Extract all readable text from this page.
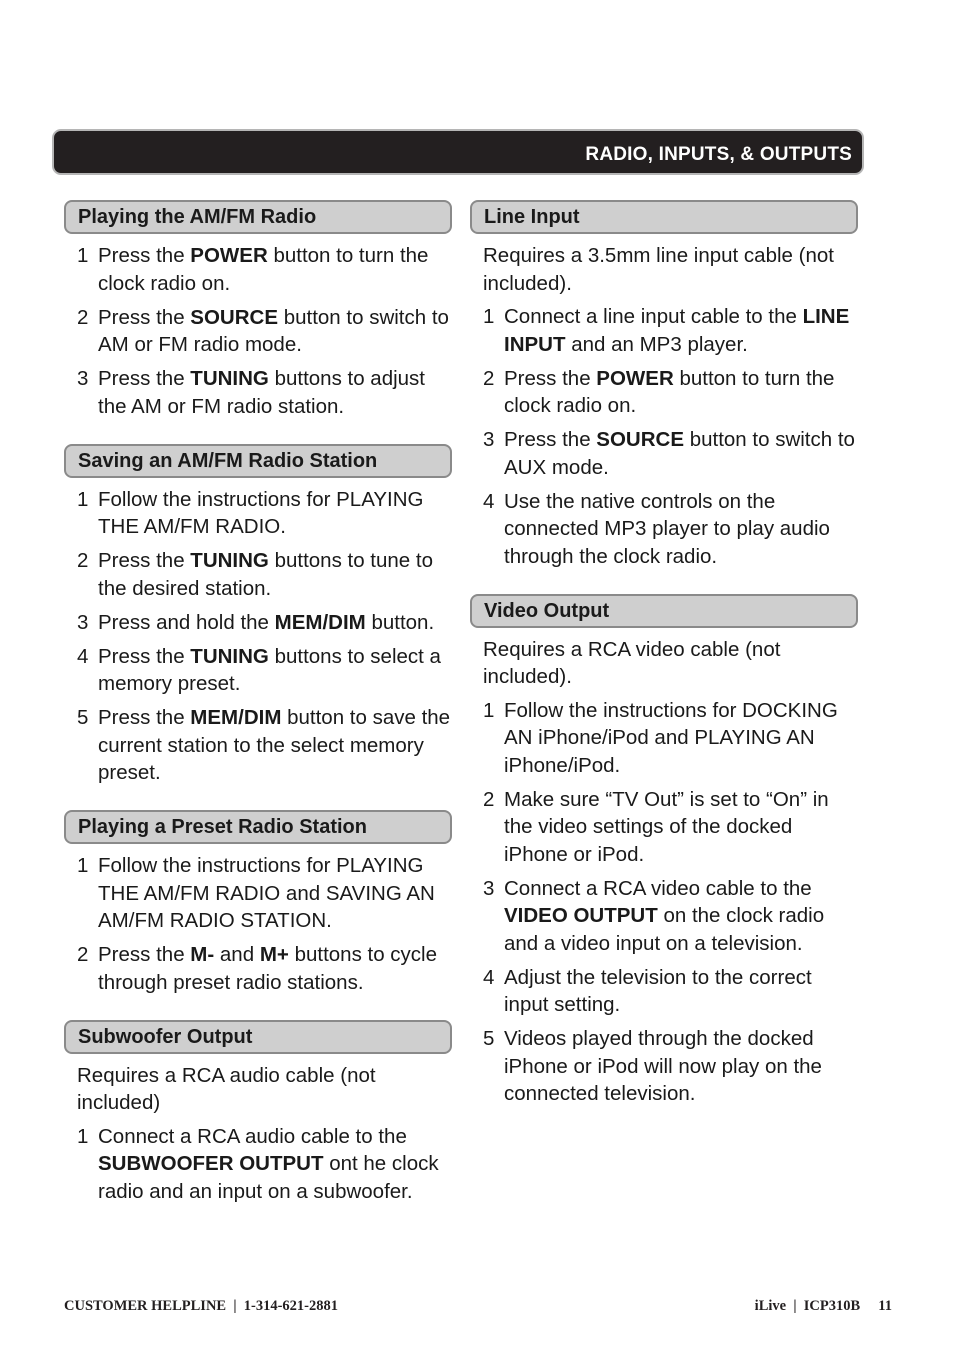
RADIO, INPUTS, & OUTPUTS
Playing the AM/FM Radio
1 Press the POWER button to turn the clock radio on.
2 Press the SOURCE button to switch to AM or FM radio mode.
3 Press the TUNING buttons to adjust the AM or FM radio station.
Saving an AM/FM Radio Station
1 Follow the instructions for PLAYING THE AM/FM RADIO.
2 Press the TUNING buttons to tune to the desired station.
3 Press and hold the MEM/DIM button.
4 Press the TUNING buttons to select a memory preset.
5 Press the MEM/DIM button to save the current station to the select memory preset.
Playing a Preset Radio Station
1 Follow the instructions for PLAYING THE AM/FM RADIO and SAVING AN AM/FM RADIO STATION.
2 Press the M- and M+ buttons to cycle through preset radio stations.
Subwoofer Output

Requires a RCA audio cable (not included)

1 Connect a RCA audio cable to the SUBWOOFER OUTPUT ont he clock radio and an input on a subwoofer.
Line Input

Requires a 3.5mm line input cable (not included).

1 Connect a line input cable to the LINE INPUT and an MP3 player.
2 Press the POWER button to turn the clock radio on.
3 Press the SOURCE button to switch to AUX mode.
4 Use the native controls on the connected MP3 player to play audio through the clock radio.
Video Output

Requires a RCA video cable (not included).

1 Follow the instructions for DOCKING AN iPhone/iPod and PLAYING AN iPhone/iPod.
2 Make sure “TV Out” is set to “On” in the video settings of the docked iPhone or iPod.
3 Connect a RCA video cable to the VIDEO OUTPUT on the clock radio and a video input on a television.
4 Adjust the television to the correct input setting.
5 Videos played through the docked iPhone or iPod will now play on the connected television.
CUSTOMER HELPLINE  |  1-314-621-2881	iLive  |  ICP310B     11
